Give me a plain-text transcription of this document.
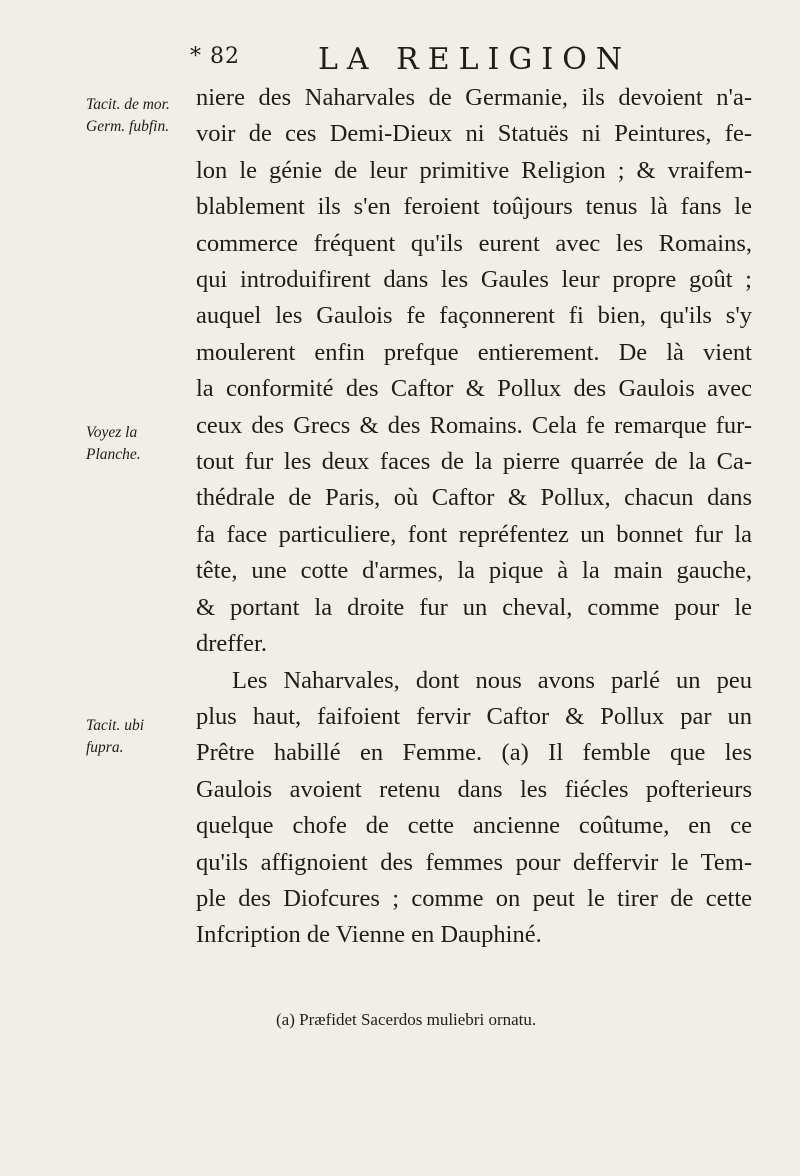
* 82	LA RELIGION
Tacit. de mor. Germ. fubfin.
Voyez la Planche.
Tacit. ubi fupra.
niere des Naharvales de Germanie, ils devoient n'a-
voir de ces Demi-Dieux ni Statuës ni Peintures, fe-
lon le génie de leur primitive Religion ; & vraifem-
blablement ils s'en feroient toûjours tenus là fans le
commerce fréquent qu'ils eurent avec les Romains,
qui introduifirent dans les Gaules leur propre goût ;
auquel les Gaulois fe façonnerent fi bien, qu'ils s'y
moulerent enfin prefque entierement. De là vient
la conformité des Caftor & Pollux des Gaulois avec
ceux des Grecs & des Romains. Cela fe remarque fur-
tout fur les deux faces de la pierre quarrée de la Ca-
thédrale de Paris, où Caftor & Pollux, chacun dans
fa face particuliere, font repréfentez un bonnet fur la
tête, une cotte d'armes, la pique à la main gauche,
& portant la droite fur un cheval, comme pour le
dreffer.
Les Naharvales, dont nous avons parlé un peu
plus haut, faifoient fervir Caftor & Pollux par un
Prêtre habillé en Femme. (a) Il femble que les
Gaulois avoient retenu dans les fiécles pofterieurs
quelque chofe de cette ancienne coûtume, en ce
qu'ils affignoient des femmes pour deffervir le Tem-
ple des Diofcures ; comme on peut le tirer de cette
Infcription de Vienne en Dauphiné.
(a) Præfidet Sacerdos muliebri ornatu.
